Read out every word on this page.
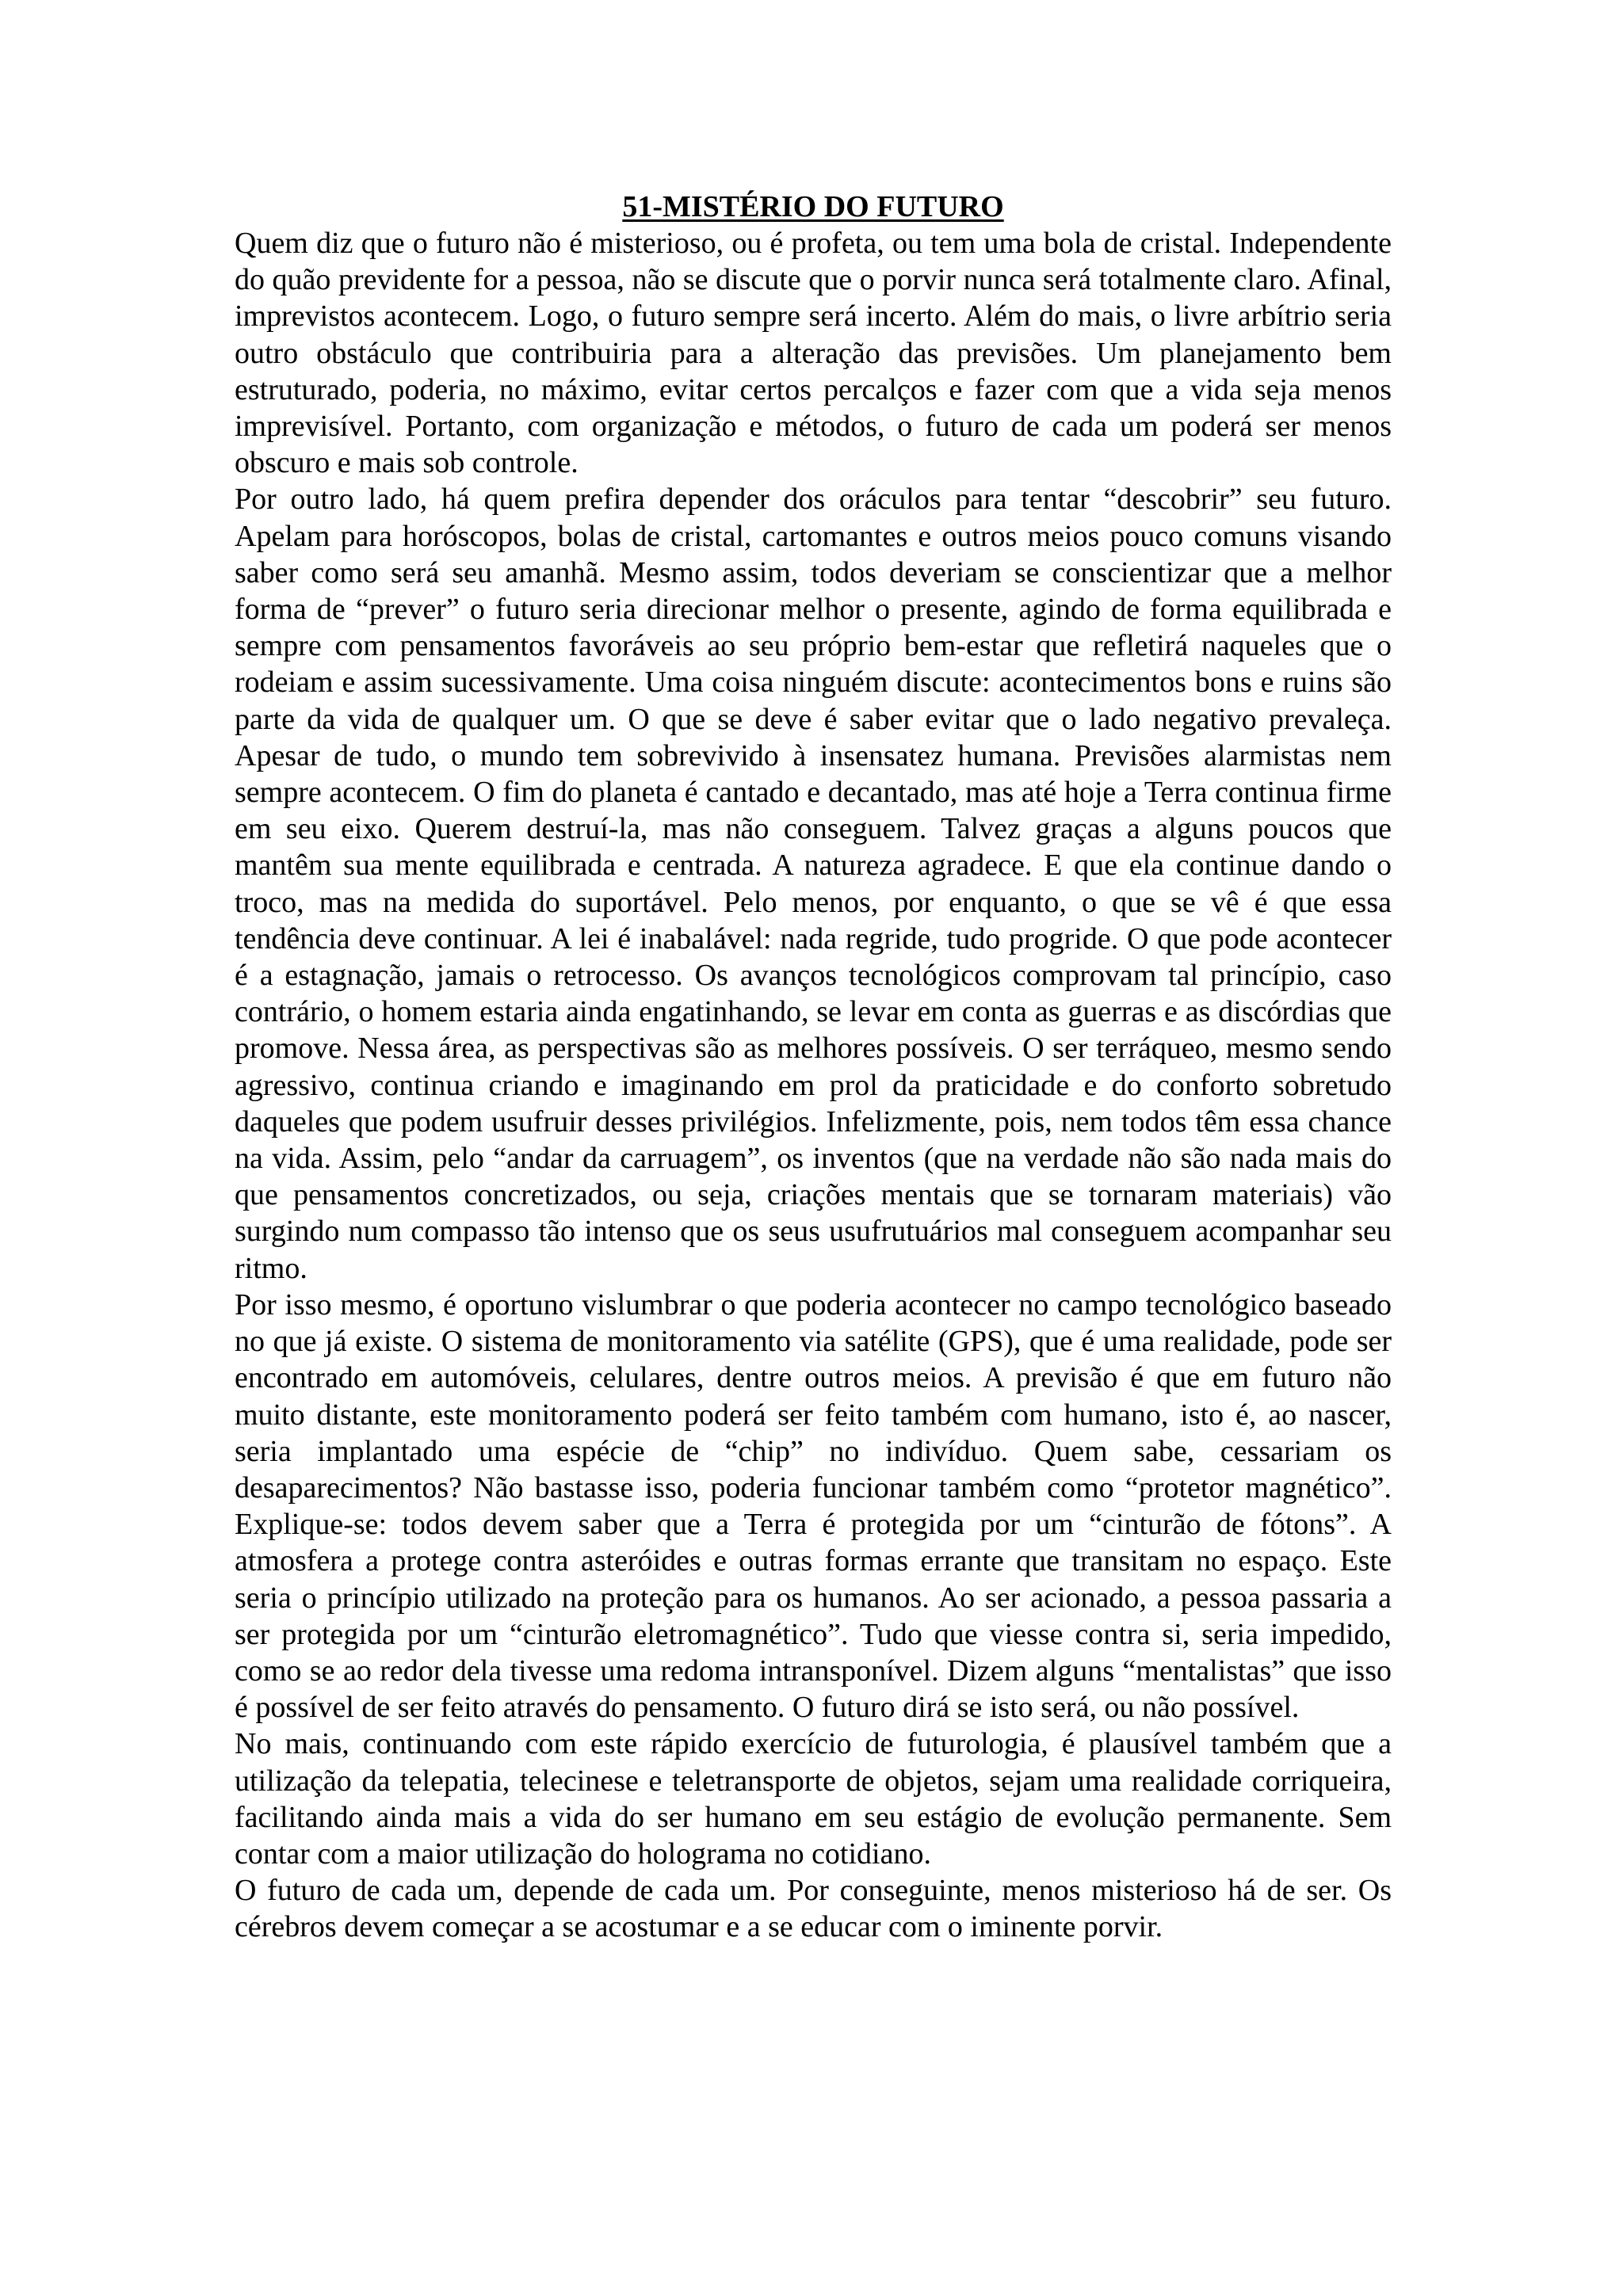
51-MISTÉRIO DO FUTURO

Quem diz que o futuro não é misterioso, ou é profeta, ou tem uma bola de cristal. Independente do quão previdente for a pessoa, não se discute que o porvir nunca será totalmente claro. Afinal, imprevistos acontecem. Logo, o futuro sempre será incerto. Além do mais, o livre arbítrio seria outro obstáculo que contribuiria para a alteração das previsões. Um planejamento bem estruturado, poderia, no máximo, evitar certos percalços e fazer com que a vida seja menos imprevisível. Portanto, com organização e métodos, o futuro de cada um poderá ser menos obscuro e mais sob controle.

Por outro lado, há quem prefira depender dos oráculos para tentar “descobrir” seu futuro. Apelam para horóscopos, bolas de cristal, cartomantes e outros meios pouco comuns visando saber como será seu amanhã. Mesmo assim, todos deveriam se conscientizar que a melhor forma de “prever” o futuro seria direcionar melhor o presente, agindo de forma equilibrada e sempre com pensamentos favoráveis ao seu próprio bem-estar que refletirá naqueles que o rodeiam e assim sucessivamente. Uma coisa ninguém discute: acontecimentos bons e ruins são parte da vida de qualquer um. O que se deve é saber evitar que o lado negativo prevaleça. Apesar de tudo, o mundo tem sobrevivido à insensatez humana. Previsões alarmistas nem sempre acontecem. O fim do planeta é cantado e decantado, mas até hoje a Terra continua firme em seu eixo. Querem destruí-la, mas não conseguem. Talvez graças a alguns poucos que mantêm sua mente equilibrada e centrada. A natureza agradece. E que ela continue dando o troco, mas na medida do suportável. Pelo menos, por enquanto, o que se vê é que essa tendência deve continuar. A lei é inabalável: nada regride, tudo progride. O que pode acontecer é a estagnação, jamais o retrocesso. Os avanços tecnológicos comprovam tal princípio, caso contrário, o homem estaria ainda engatinhando, se levar em conta as guerras e as discórdias que promove. Nessa área, as perspectivas são as melhores possíveis. O ser terráqueo, mesmo sendo agressivo, continua criando e imaginando em prol da praticidade e do conforto sobretudo daqueles que podem usufruir desses privilégios. Infelizmente, pois, nem todos têm essa chance na vida. Assim, pelo “andar da carruagem”, os inventos (que na verdade não são nada mais do que pensamentos concretizados, ou seja, criações mentais que se tornaram materiais) vão surgindo num compasso tão intenso que os seus usufrutuários mal conseguem acompanhar seu ritmo.

Por isso mesmo, é oportuno vislumbrar o que poderia acontecer no campo tecnológico baseado no que já existe. O sistema de monitoramento via satélite (GPS), que é uma realidade, pode ser encontrado em automóveis, celulares, dentre outros meios. A previsão é que em futuro não muito distante, este monitoramento poderá ser feito também com humano, isto é, ao nascer, seria implantado uma espécie de “chip” no indivíduo. Quem sabe, cessariam os desaparecimentos? Não bastasse isso, poderia funcionar também como “protetor magnético”. Explique-se: todos devem saber que a Terra é protegida por um “cinturão de fótons”. A atmosfera a protege contra asteróides e outras formas errante que transitam no espaço. Este seria o princípio utilizado na proteção para os humanos. Ao ser acionado, a pessoa passaria a ser protegida por um “cinturão eletromagnético”. Tudo que viesse contra si, seria impedido, como se ao redor dela tivesse uma redoma intransponível. Dizem alguns “mentalistas” que isso é possível de ser feito através do pensamento. O futuro dirá se isto será, ou não possível.

No mais, continuando com este rápido exercício de futurologia, é plausível também que a utilização da telepatia, telecinese e teletransporte de objetos, sejam uma realidade corriqueira, facilitando ainda mais a vida do ser humano em seu estágio de evolução permanente. Sem contar com a maior utilização do holograma no cotidiano.

O futuro de cada um, depende de cada um. Por conseguinte, menos misterioso há de ser. Os cérebros devem começar a se acostumar e a se educar com o iminente porvir.
